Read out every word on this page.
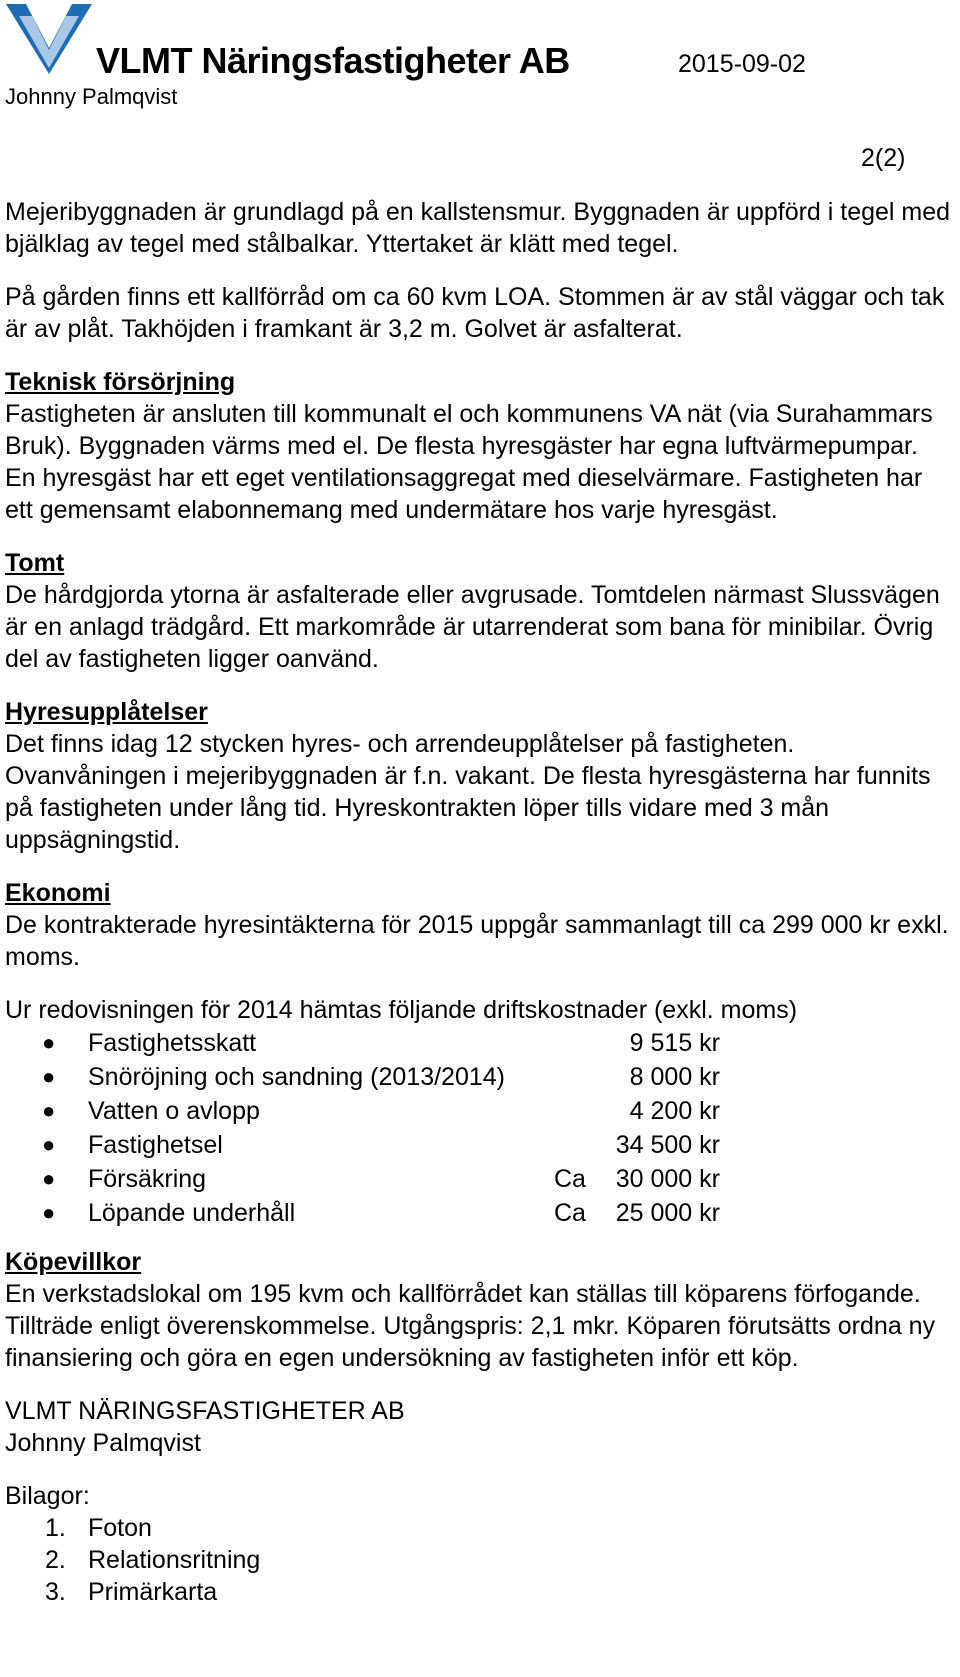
VLMT Näringsfastigheter AB	2015-09-02
Johnny Palmqvist
2(2)

Mejeribyggnaden är grundlagd på en kallstensmur. Byggnaden är uppförd i tegel med bjälklag av tegel med stålbalkar. Yttertaket är klätt med tegel.

På gården finns ett kallförråd om ca 60 kvm LOA. Stommen är av stål väggar och tak är av plåt. Takhöjden i framkant är 3,2 m. Golvet är asfalterat.

Teknisk försörjning

Fastigheten är ansluten till kommunalt el och kommunens VA nät (via Surahammars Bruk). Byggnaden värms med el. De flesta hyresgäster har egna luftvärmepumpar. En hyresgäst har ett eget ventilationsaggregat med dieselvärmare. Fastigheten har ett gemensamt elabonnemang med undermätare hos varje hyresgäst.

Tomt

De hårdgjorda ytorna är asfalterade eller avgrusade. Tomtdelen närmast Slussvägen är en anlagd trädgård. Ett markområde är utarrenderat som bana för minibilar. Övrig del av fastigheten ligger oanvänd.

Hyresupplåtelser

Det finns idag 12 stycken hyres- och arrendeupplåtelser på fastigheten. Ovanvåningen i mejeribyggnaden är f.n. vakant. De flesta hyresgästerna har funnits på fastigheten under lång tid. Hyreskontrakten löper tills vidare med 3 mån uppsägningstid.

Ekonomi

De kontrakterade hyresintäkterna för 2015 uppgår sammanlagt till ca 299 000 kr exkl. moms.

Ur redovisningen för 2014 hämtas följande driftskostnader (exkl. moms)

● Fastighetsskatt	9 515 kr
● Snöröjning och sandning (2013/2014)	8 000 kr
● Vatten o avlopp	4 200 kr
● Fastighetsel	34 500 kr
● Försäkring	Ca 30 000 kr
● Löpande underhåll	Ca 25 000 kr
Köpevillkor

En verkstadslokal om 195 kvm och kallförrådet kan ställas till köparens förfogande. Tillträde enligt överenskommelse. Utgångspris: 2,1 mkr. Köparen förutsätts ordna ny finansiering och göra en egen undersökning av fastigheten inför ett köp.

VLMT NÄRINGSFASTIGHETER AB
Johnny Palmqvist

Bilagor:

1. Foton
2. Relationsritning
3. Primärkarta
